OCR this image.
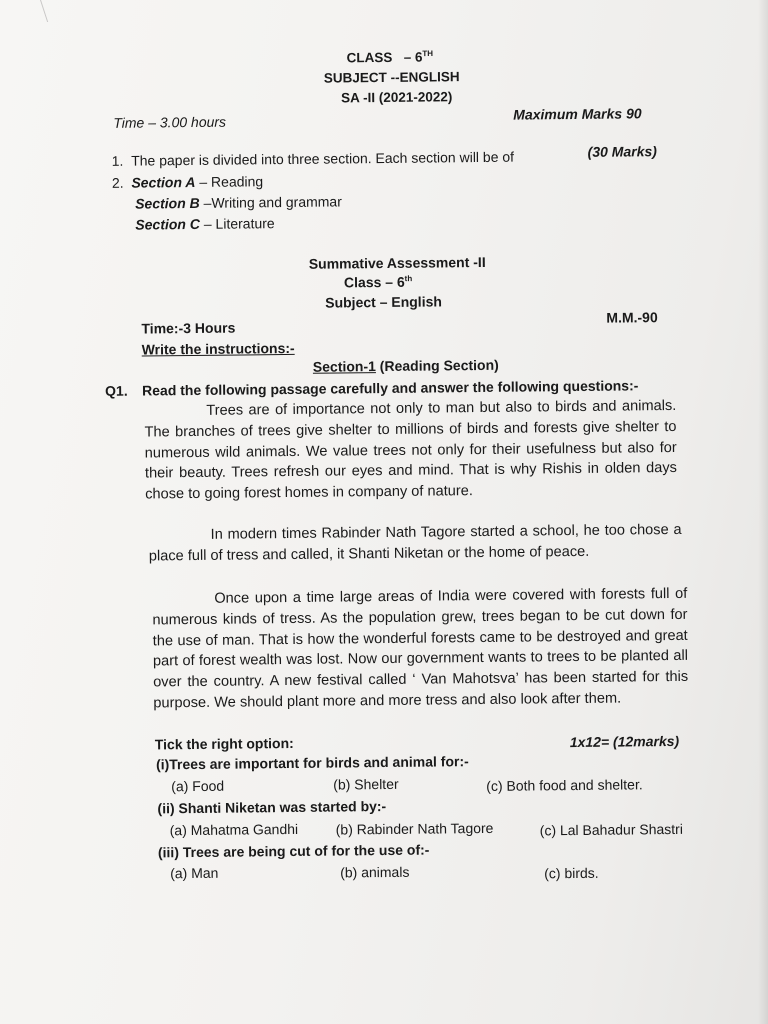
CLASS – 6TH
SUBJECT --ENGLISH
SA -II (2021-2022)
Time – 3.00 hours	Maximum Marks 90
1.  The paper is divided into three section. Each section will be of	(30 Marks)
2.  Section A – Reading
Section B –Writing and grammar
Section C – Literature
Summative Assessment -II
Class – 6th
Subject – English
Time:-3 Hours
M.M.-90
Write the instructions:-
Section-1 (Reading Section)
Q1. Read the following passage carefully and answer the following questions:-
Trees are of importance not only to man but also to birds and animals. The branches of trees give shelter to millions of birds and forests give shelter to numerous wild animals. We value trees not only for their usefulness but also for their beauty. Trees refresh our eyes and mind. That is why Rishis in olden days chose to going forest homes in company of nature.
In modern times Rabinder Nath Tagore started a school, he too chose a place full of tress and called, it Shanti Niketan or the home of peace.
Once upon a time large areas of India were covered with forests full of numerous kinds of tress. As the population grew, trees began to be cut down for the use of man. That is how the wonderful forests came to be destroyed and great part of forest wealth was lost. Now our government wants to trees to be planted all over the country. A new festival called ‘ Van Mahotsva’ has been started for this purpose. We should plant more and more tress and also look after them.
Tick the right option:	1x12= (12marks)
(i)Trees are important for birds and animal for:-
(a) Food	(b) Shelter	(c) Both food and shelter.
(ii) Shanti Niketan was started by:-
(a) Mahatma Gandhi	(b) Rabinder Nath Tagore	(c) Lal Bahadur Shastri
(iii) Trees are being cut of for the use of:-
(a) Man	(b) animals	(c) birds.
